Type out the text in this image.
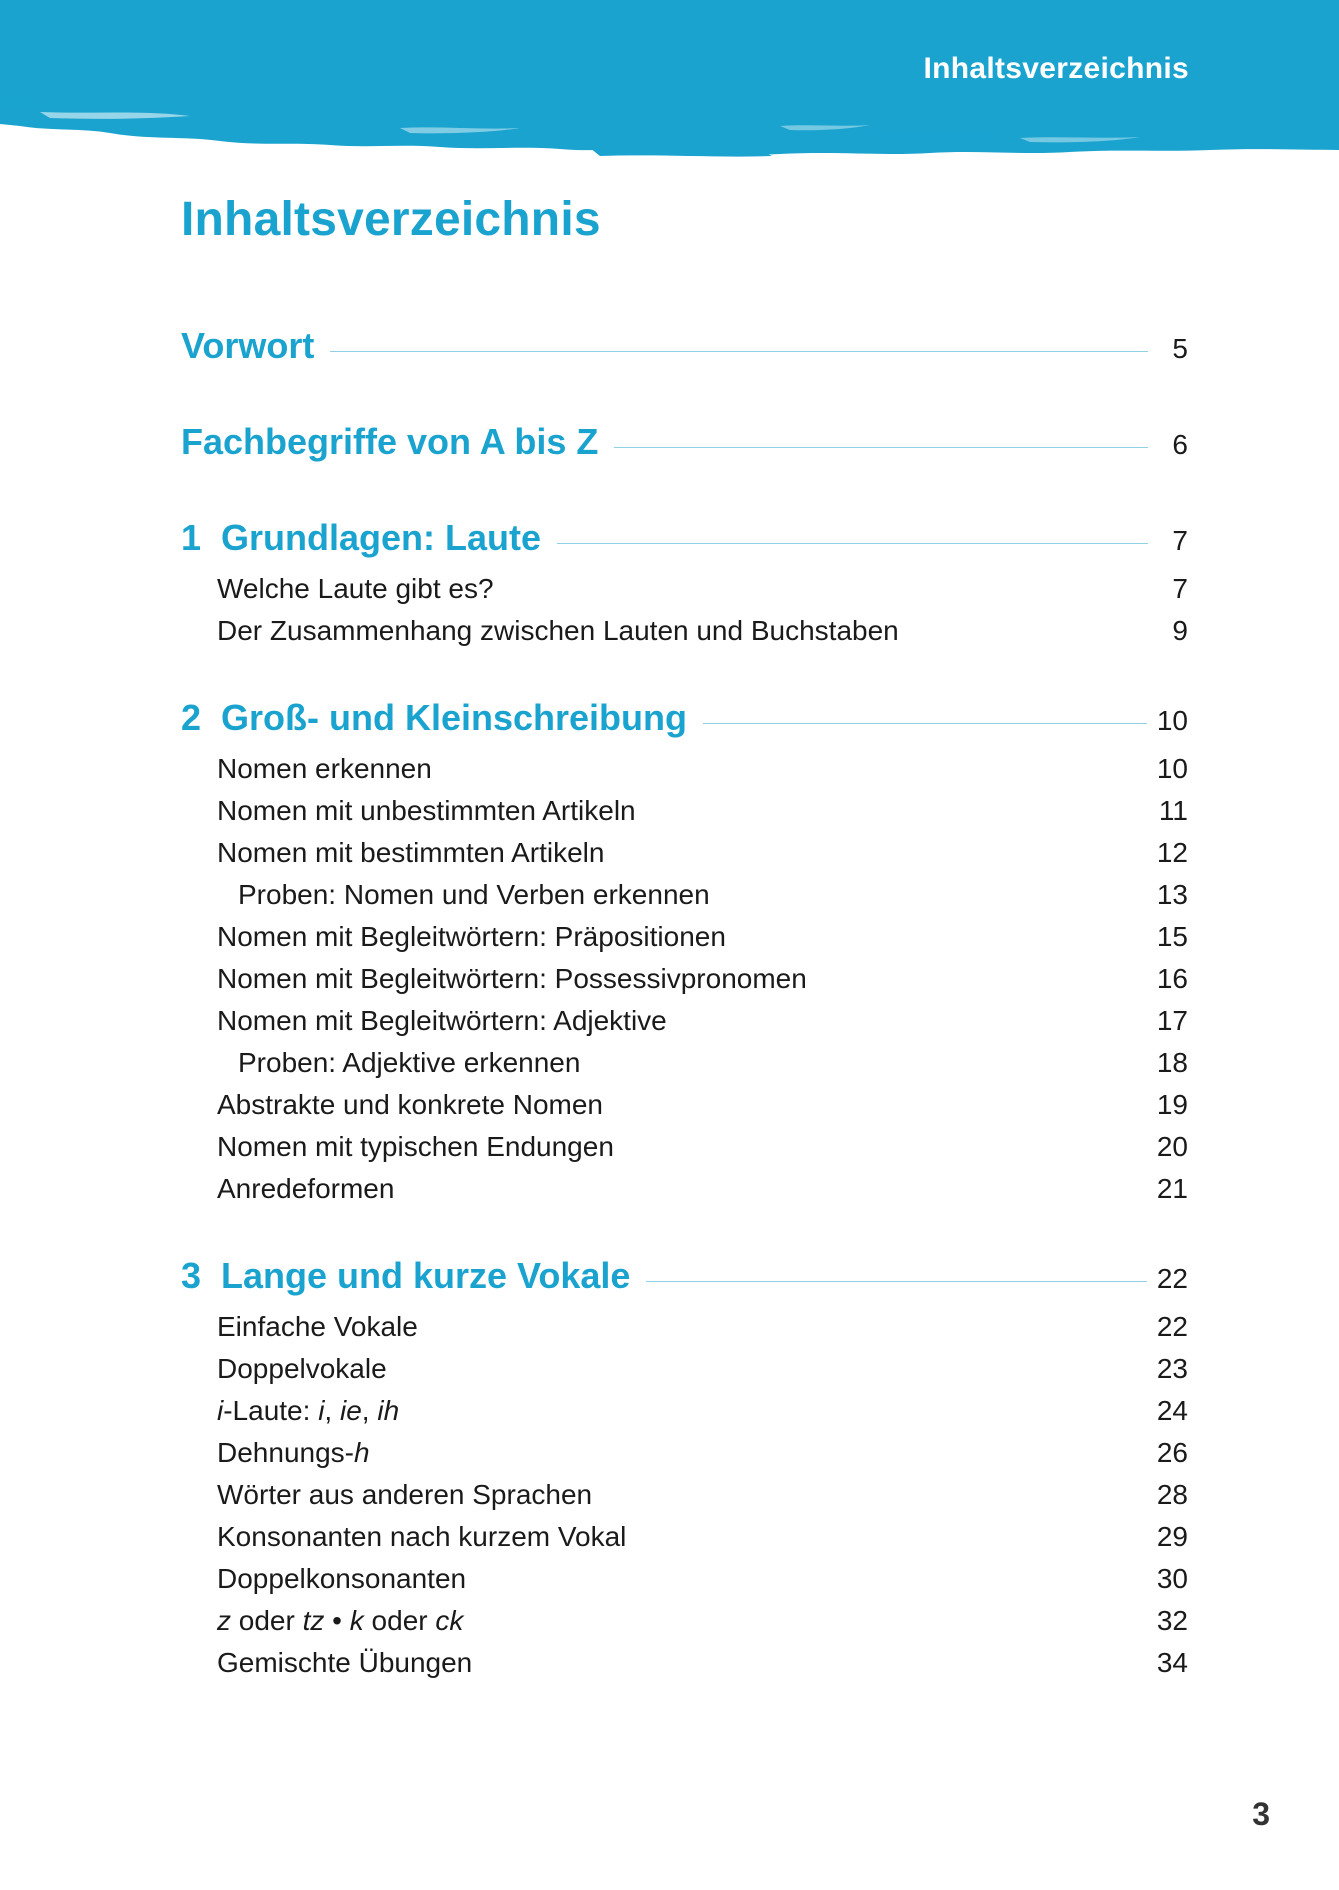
Inhaltsverzeichnis
Inhaltsverzeichnis
Vorwort	5
Fachbegriffe von A bis Z	6
1 Grundlagen: Laute	7
Welche Laute gibt es?	7
Der Zusammenhang zwischen Lauten und Buchstaben	9
2 Groß- und Kleinschreibung	10
Nomen erkennen	10
Nomen mit unbestimmten Artikeln	11
Nomen mit bestimmten Artikeln	12
Proben: Nomen und Verben erkennen	13
Nomen mit Begleitwörtern: Präpositionen	15
Nomen mit Begleitwörtern: Possessivpronomen	16
Nomen mit Begleitwörtern: Adjektive	17
Proben: Adjektive erkennen	18
Abstrakte und konkrete Nomen	19
Nomen mit typischen Endungen	20
Anredeformen	21
3 Lange und kurze Vokale	22
Einfache Vokale	22
Doppelvokale	23
i-Laute: i, ie, ih	24
Dehnungs-h	26
Wörter aus anderen Sprachen	28
Konsonanten nach kurzem Vokal	29
Doppelkonsonanten	30
z oder tz • k oder ck	32
Gemischte Übungen	34
3
